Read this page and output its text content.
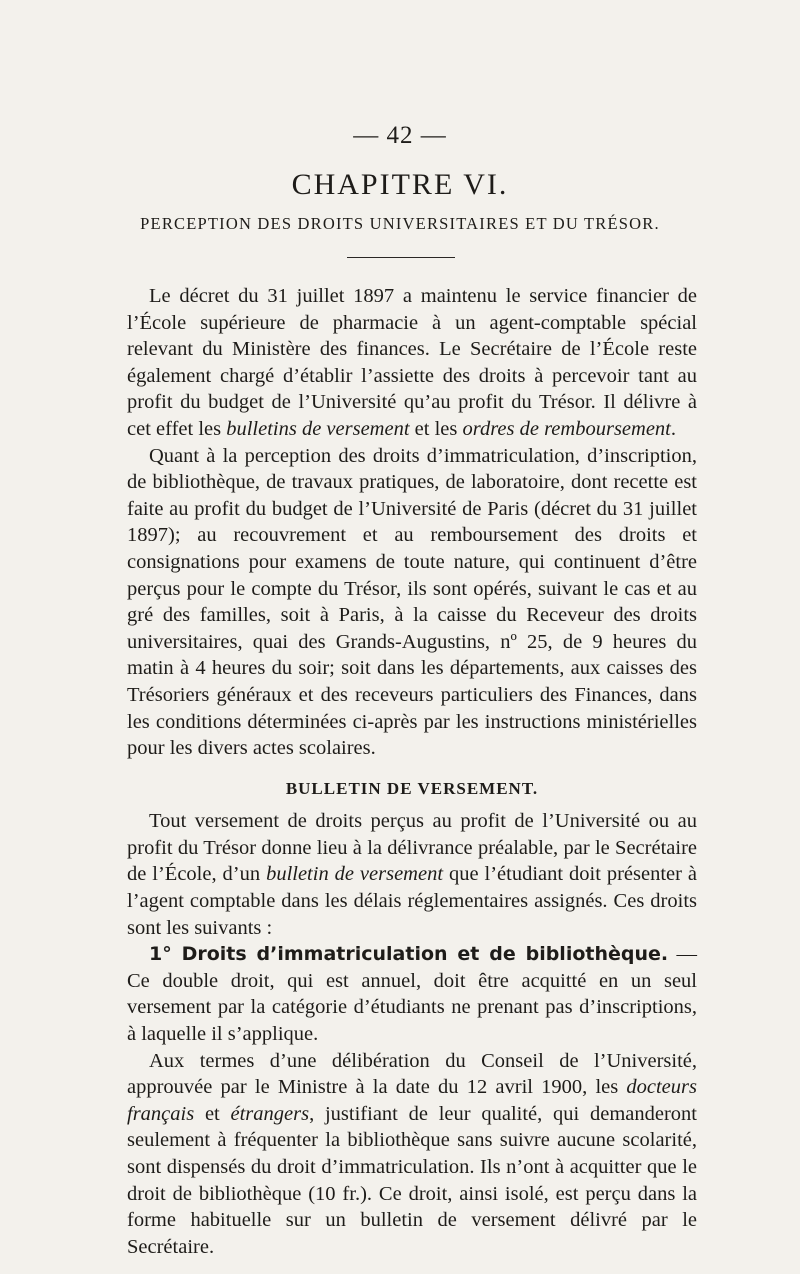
— 42 —
CHAPITRE VI.
PERCEPTION DES DROITS UNIVERSITAIRES ET DU TRÉSOR.

Le décret du 31 juillet 1897 a maintenu le service financier de l’École supérieure de pharmacie à un agent-comptable spécial relevant du Ministère des finances. Le Secrétaire de l’École reste également chargé d’établir l’assiette des droits à percevoir tant au profit du budget de l’Université qu’au profit du Trésor. Il délivre à cet effet les bulletins de versement et les ordres de remboursement.

Quant à la perception des droits d’immatriculation, d’inscription, de bibliothèque, de travaux pratiques, de laboratoire, dont recette est faite au profit du budget de l’Université de Paris (décret du 31 juillet 1897); au recouvrement et au remboursement des droits et consignations pour examens de toute nature, qui continuent d’être perçus pour le compte du Trésor, ils sont opérés, suivant le cas et au gré des familles, soit à Paris, à la caisse du Receveur des droits universitaires, quai des Grands-Augustins, nº 25, de 9 heures du matin à 4 heures du soir; soit dans les départements, aux caisses des Trésoriers généraux et des receveurs particuliers des Finances, dans les conditions déterminées ci-après par les instructions ministérielles pour les divers actes scolaires.

BULLETIN DE VERSEMENT.

Tout versement de droits perçus au profit de l’Université ou au profit du Trésor donne lieu à la délivrance préalable, par le Secrétaire de l’École, d’un bulletin de versement que l’étudiant doit présenter à l’agent comptable dans les délais réglementaires assignés. Ces droits sont les suivants :

1° Droits d’immatriculation et de bibliothèque. — Ce double droit, qui est annuel, doit être acquitté en un seul versement par la catégorie d’étudiants ne prenant pas d’inscriptions, à laquelle il s’applique.

Aux termes d’une délibération du Conseil de l’Université, approuvée par le Ministre à la date du 12 avril 1900, les docteurs français et étrangers, justifiant de leur qualité, qui demanderont seulement à fréquenter la bibliothèque sans suivre aucune scolarité, sont dispensés du droit d’immatriculation. Ils n’ont à acquitter que le droit de bibliothèque (10 fr.). Ce droit, ainsi isolé, est perçu dans la forme habituelle sur un bulletin de versement délivré par le Secrétaire.
